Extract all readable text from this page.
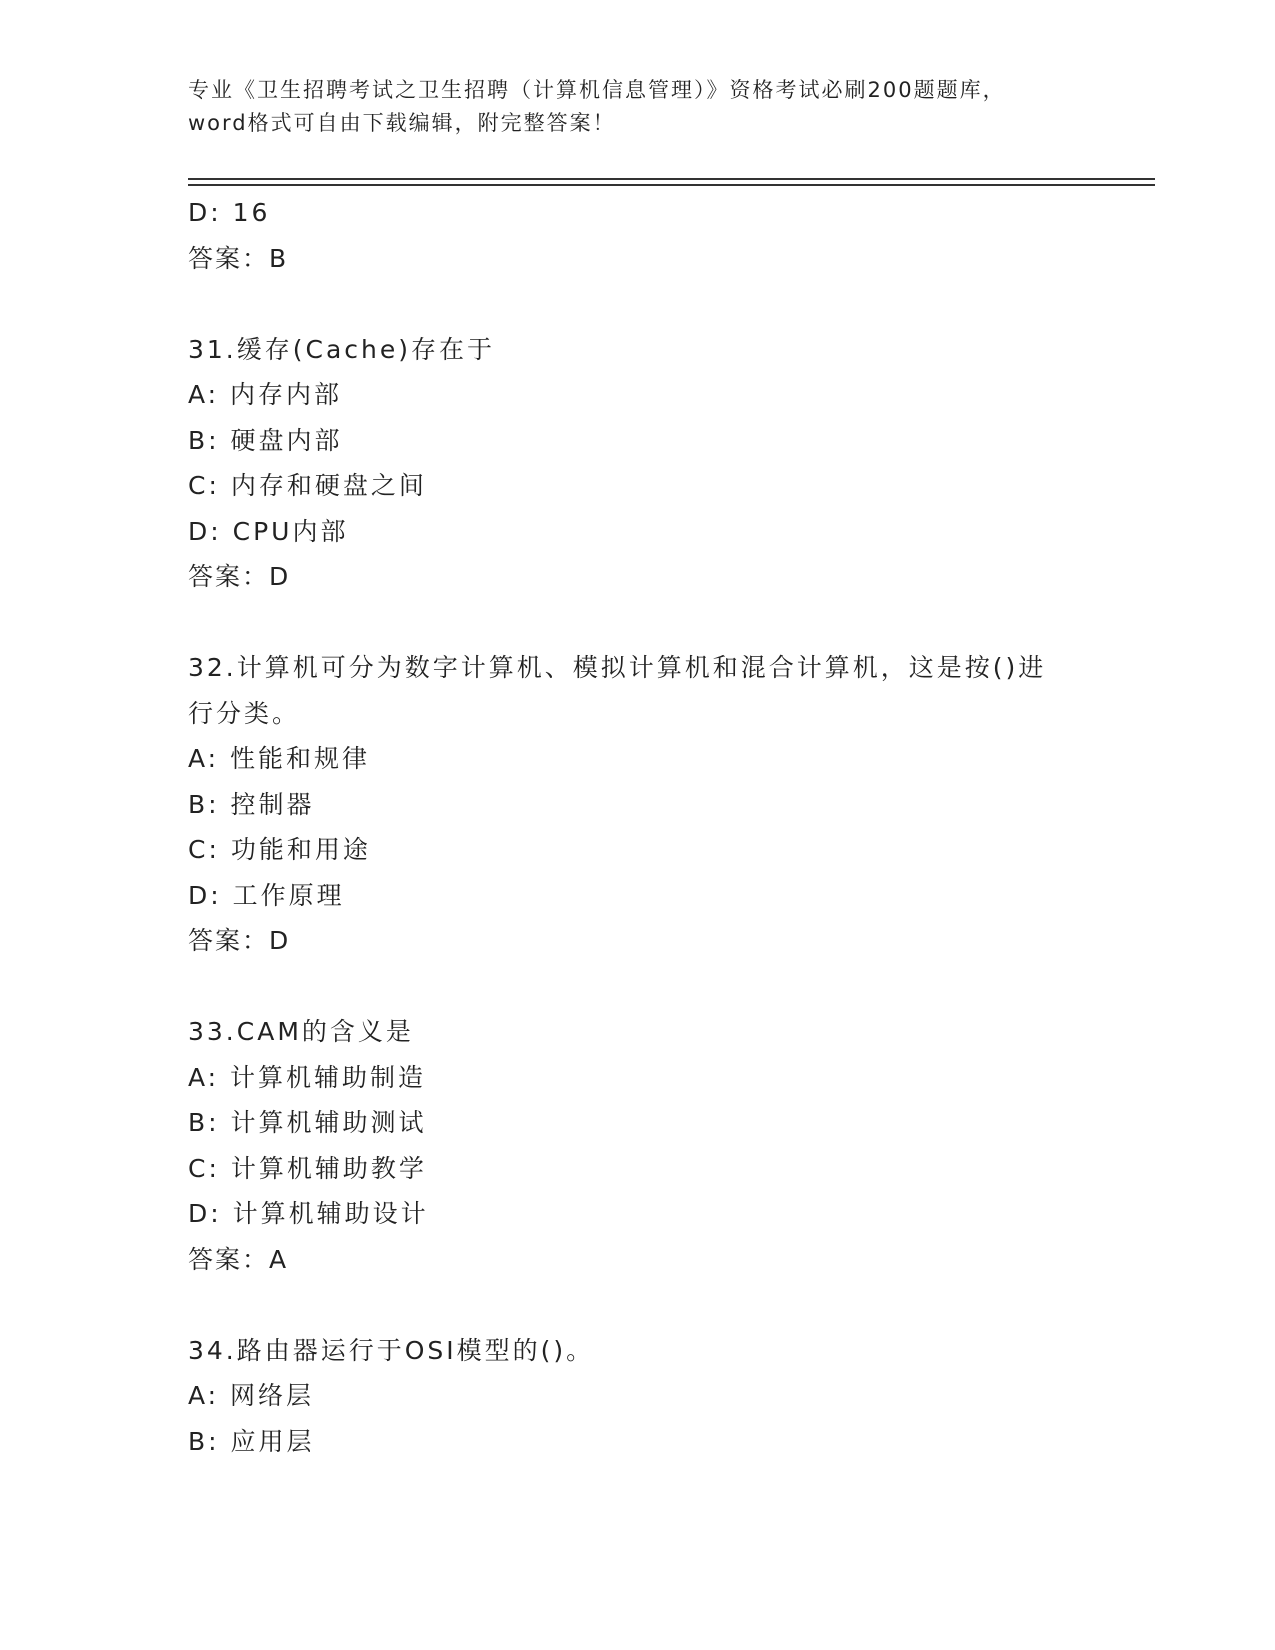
专业《卫生招聘考试之卫生招聘（计算机信息管理）》资格考试必刷200题题库，
word格式可自由下载编辑，附完整答案！
D: 16
答案：B
31.缓存(Cache)存在于
A: 内存内部
B: 硬盘内部
C: 内存和硬盘之间
D: CPU内部
答案：D
32.计算机可分为数字计算机、模拟计算机和混合计算机，这是按()进行分类。
A: 性能和规律
B: 控制器
C: 功能和用途
D: 工作原理
答案：D
33.CAM的含义是
A: 计算机辅助制造
B: 计算机辅助测试
C: 计算机辅助教学
D: 计算机辅助设计
答案：A
34.路由器运行于OSI模型的()。
A: 网络层
B: 应用层
